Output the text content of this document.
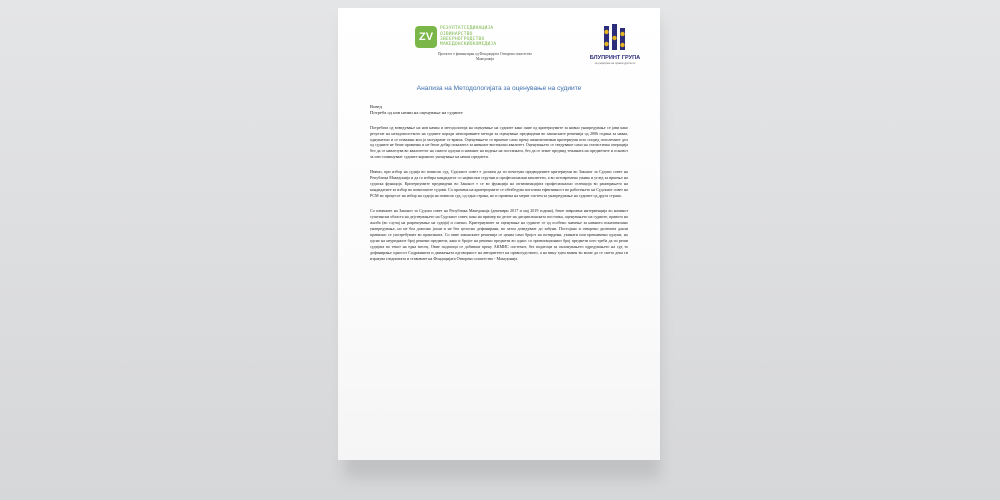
ZV
РЕЗУЛТАТСЕДИНАЦИЈА
ОЈВИНАРСТВО
ЗВЕЕРНОГРОДСТВО
МАКЕДОНСКИОКОМЕДИЈА
Проектот е финансиран од Фондацијата Отворено општество Македонија	БЛУПРИНТ ГРУПА
за реформа на правосудството
Анализа на Методологијата за оценување на судиите
Вовед
Потреба од нов начин на оценување на судиите

Потребата од воведување на нов начин и методологија на оценување на судиите како оние од критериумите за нивно унапредување се јави како резултат на незадоволството на судиите поради неисправните методи за оценување предвидени во законските решенија од 2006 година за наваа, однуватено и се поважни кои ја могуараме се враша. Оценувањето се вршеше само преку квантитативни критериуми што според поголемиот дел од судиите не беше правично и не беше добар показател за нивниот вистински квалитет. Оценувањето се сведуваше само на статистичка операција без да се навлезува во квалитетот на самото одлуки и начинот на водење на постапката, без да се земат предвид тежината на предметите и основот за што поминуваат судиите коранито укинување на некои предмети.

Имено, при избор на судија во повисок суд, Судскиот совет е должен да ги почитува предвидените критериуми во Законот за Судски совет на Република Македонија и да го избира кандидатот со највисоки стручни и професионални квалитети, а во истовремено ужива и углед за вршење на судиска функција. Критериумите предвидени во Законот т се во функција на оптимизацијата професионално селекција во рангирањето на кандидатите за избор во повисоките судови. Со промена на критериумите се обезбедува поголема ефективност во работењето на Судскиот совет на РСМ во процесот на избор на судија на повисок суд, од една страна, но и промена на мерит систем за унапредување на судиите од друга страна.

Со измените на Законот за Судски совет на Република Македонија (декември 2017 и мај 2019 година), беше извршена интервенција во начинот суштински областа на дејствувањето на Судскиот совет, како на пример во делот на дисциплинската постапка, оценувањето на судиите, правото на жалба (во случај на разрешување на судија) и слично. Критериумите за оценување на судиите се од особено значење за нивното понатамошно унапредување, но не беа доволно јасни и не беа целосно дефинирани, во затоа доведуваат до забуни. Постојано и отворено дилемата даали правилно се употребуваат во практиката. Со овие законските решенија се цениа само бројот на потврдени, укинати или преиначени одлуки, но одсне на неуредниот број решени предмети, како и бројот на решени предмети во однос со ориентациониот број предмети што треба да ги реши судијата во текот на една месец. Овие податоци се добиваат преку АКМИС системот, без податоци за оклонувањето одредувањето на суд то дефинирање односот Содржинита и движењата одговорност на авторитетот на правосудството, а на вину еден важен во моме да се смета дека ги изразува гледиштата и ставовите на Фондацијата Отворено општество - Македонија.
